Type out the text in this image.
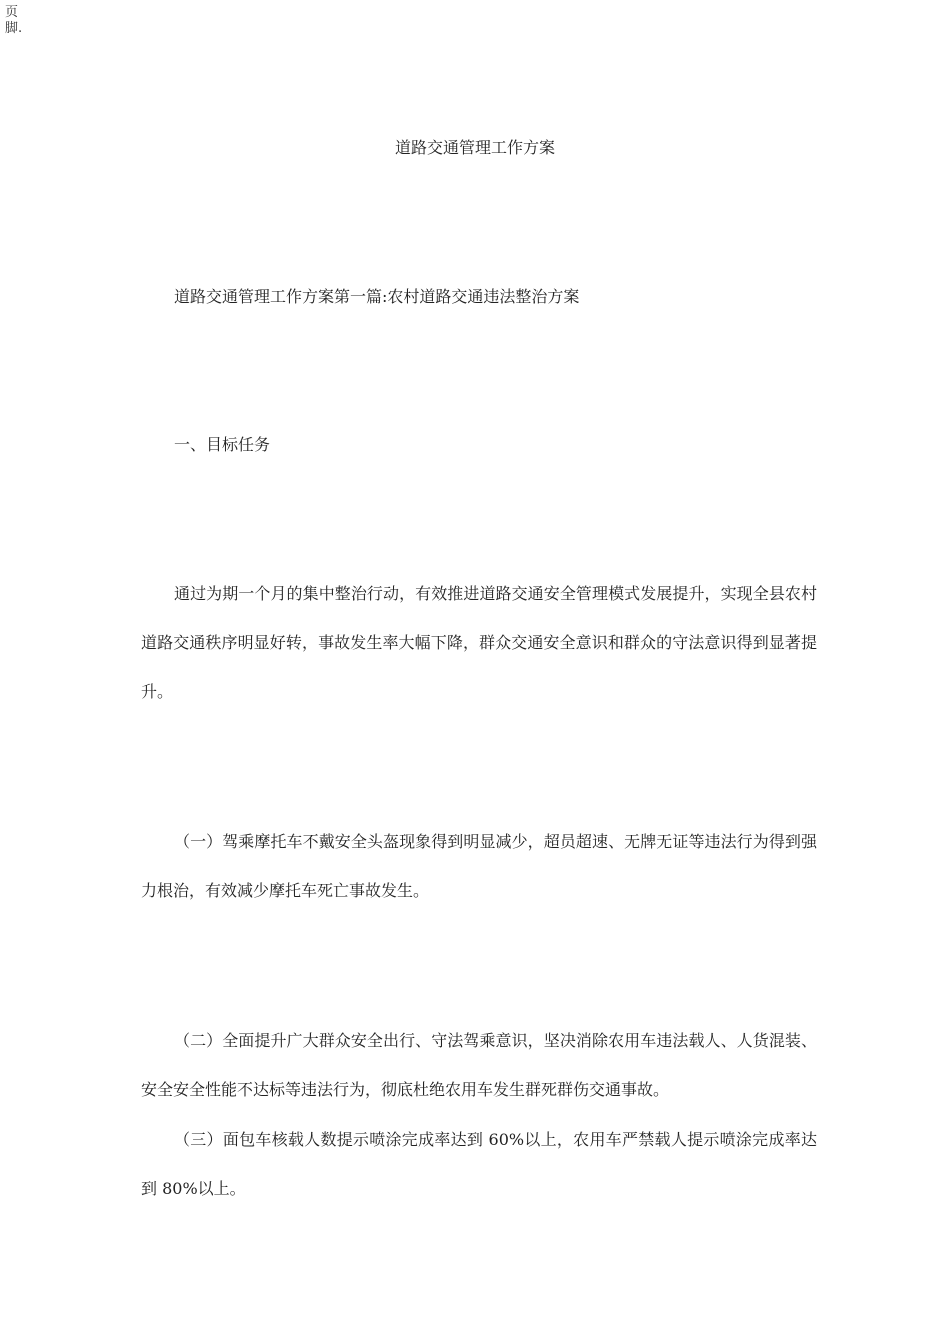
页
脚.
道路交通管理工作方案

道路交通管理工作方案第一篇:农村道路交通违法整治方案

一、目标任务

通过为期一个月的集中整治行动，有效推进道路交通安全管理模式发展提升，实现全县农村道路交通秩序明显好转，事故发生率大幅下降，群众交通安全意识和群众的守法意识得到显著提升。

（一）驾乘摩托车不戴安全头盔现象得到明显减少，超员超速、无牌无证等违法行为得到强力根治，有效减少摩托车死亡事故发生。

（二）全面提升广大群众安全出行、守法驾乘意识，坚决消除农用车违法载人、人货混装、安全安全性能不达标等违法行为，彻底杜绝农用车发生群死群伤交通事故。

（三）面包车核载人数提示喷涂完成率达到 60%以上，农用车严禁载人提示喷涂完成率达到 80%以上。
